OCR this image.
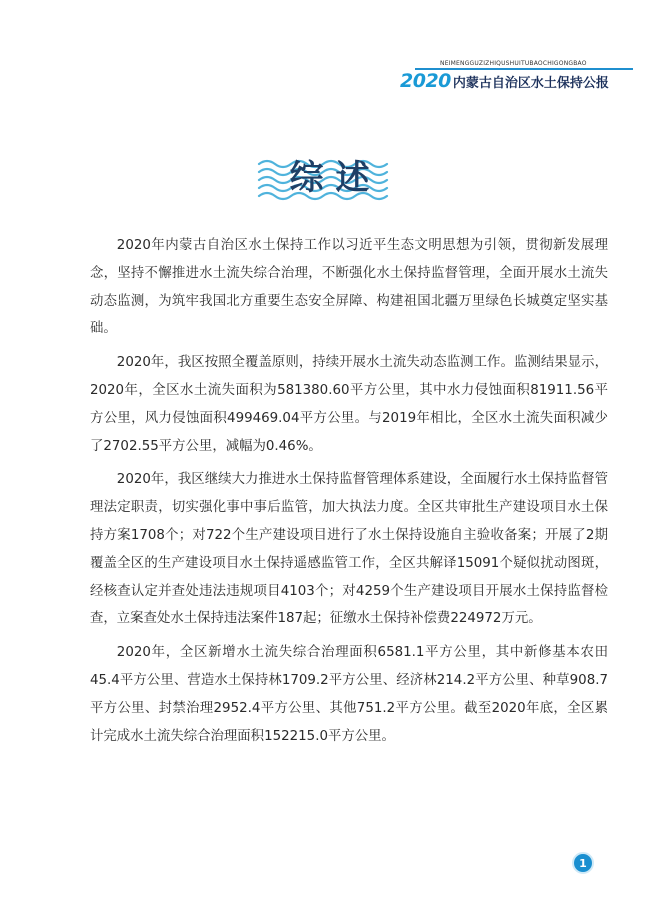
NEIMENGGUZIZHIQUSHUITUBAOCHIGONGBAO
2020 内蒙古自治区水土保持公报
综述

2020年内蒙古自治区水土保持工作以习近平生态文明思想为引领，贯彻新发展理念，坚持不懈推进水土流失综合治理，不断强化水土保持监督管理，全面开展水土流失动态监测，为筑牢我国北方重要生态安全屏障、构建祖国北疆万里绿色长城奠定坚实基础。

2020年，我区按照全覆盖原则，持续开展水土流失动态监测工作。监测结果显示，2020年，全区水土流失面积为581380.60平方公里，其中水力侵蚀面积81911.56平方公里，风力侵蚀面积499469.04平方公里。与2019年相比，全区水土流失面积减少了2702.55平方公里，减幅为0.46%。

2020年，我区继续大力推进水土保持监督管理体系建设，全面履行水土保持监督管理法定职责，切实强化事中事后监管，加大执法力度。全区共审批生产建设项目水土保持方案1708个；对722个生产建设项目进行了水土保持设施自主验收备案；开展了2期覆盖全区的生产建设项目水土保持遥感监管工作，全区共解译15091个疑似扰动图斑，经核查认定并查处违法违规项目4103个；对4259个生产建设项目开展水土保持监督检查，立案查处水土保持违法案件187起；征缴水土保持补偿费224972万元。

2020年，全区新增水土流失综合治理面积6581.1平方公里，其中新修基本农田45.4平方公里、营造水土保持林1709.2平方公里、经济林214.2平方公里、种草908.7平方公里、封禁治理2952.4平方公里、其他751.2平方公里。截至2020年底，全区累计完成水土流失综合治理面积152215.0平方公里。

1
